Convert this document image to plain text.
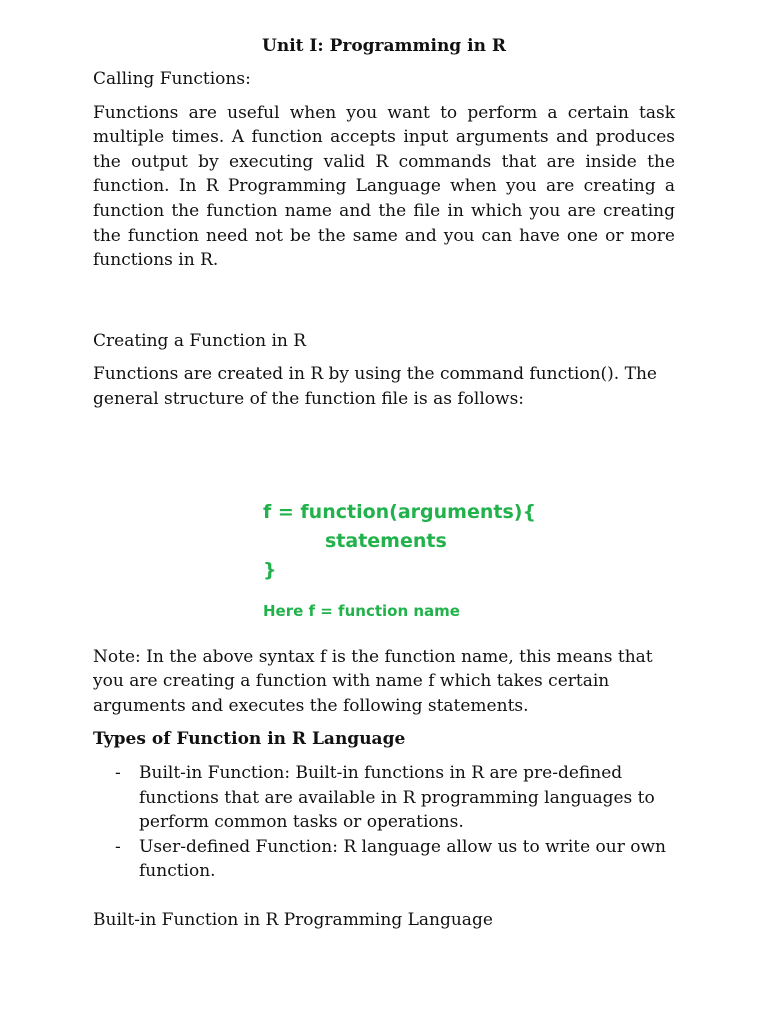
Unit I: Programming in R

Calling Functions:

Functions are useful when you want to perform a certain task multiple times. A function accepts input arguments and produces the output by executing valid R commands that are inside the function. In R Programming Language when you are creating a function the function name and the file in which you are creating the function need not be the same and you can have one or more functions in R.

Creating a Function in R

Functions are created in R by using the command function(). The general structure of the function file is as follows:

f = function(arguments){
statements
}
Here f = function name

Note: In the above syntax f is the function name, this means that you are creating a function with name f which takes certain arguments and executes the following statements.

Types of Function in R Language

- Built-in Function: Built-in functions in R are pre-defined functions that are available in R programming languages to perform common tasks or operations.
- User-defined Function: R language allow us to write our own function.

Built-in Function in R Programming Language
